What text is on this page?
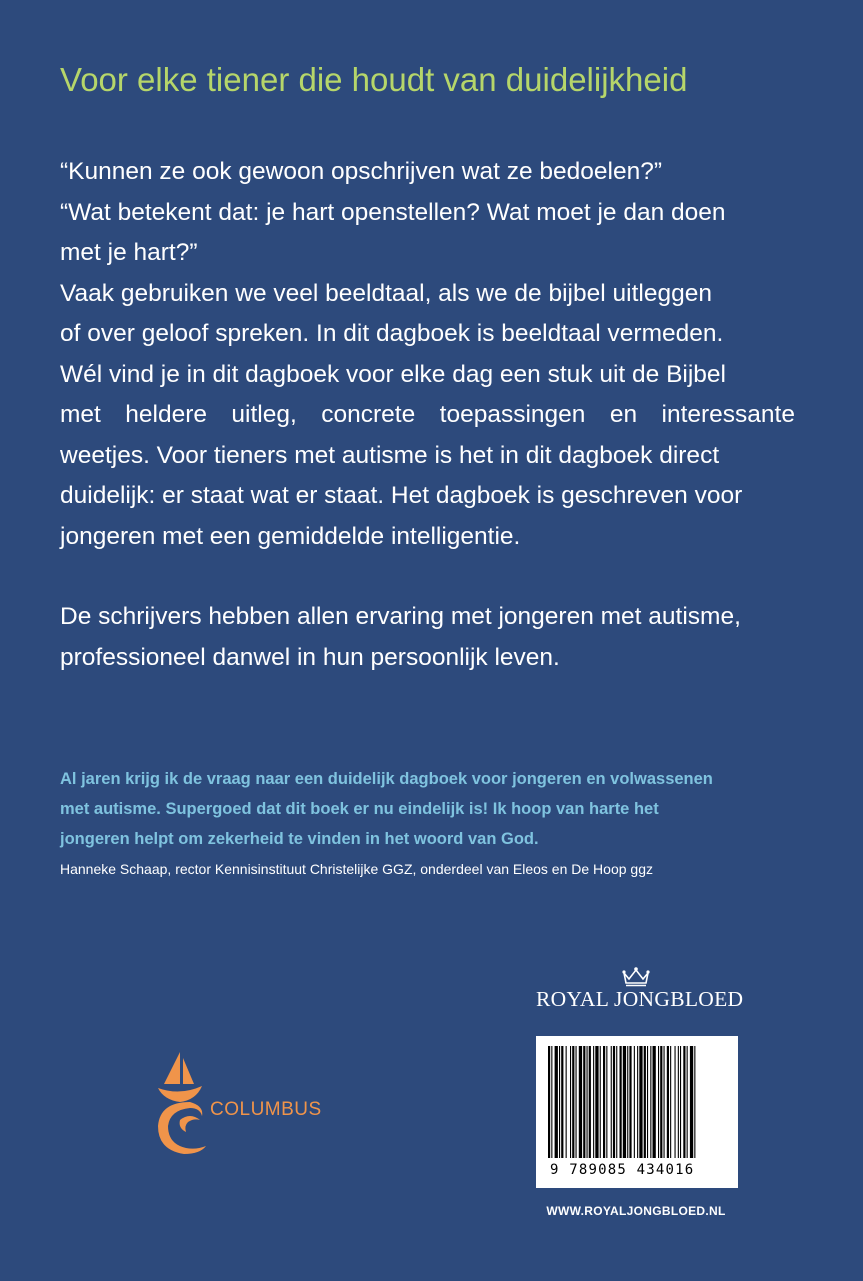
Voor elke tiener die houdt van duidelijkheid

“Kunnen ze ook gewoon opschrijven wat ze bedoelen?”
“Wat betekent dat: je hart openstellen? Wat moet je dan doen
met je hart?”

Vaak gebruiken we veel beeldtaal, als we de bijbel uitleggen
of over geloof spreken. In dit dagboek is beeldtaal vermeden.
Wél vind je in dit dagboek voor elke dag een stuk uit de Bijbel
met heldere uitleg, concrete toepassingen en interessante
weetjes. Voor tieners met autisme is het in dit dagboek direct
duidelijk: er staat wat er staat. Het dagboek is geschreven voor
jongeren met een gemiddelde intelligentie.

De schrijvers hebben allen ervaring met jongeren met autisme,
professioneel danwel in hun persoonlijk leven.

Al jaren krijg ik de vraag naar een duidelijk dagboek voor jongeren en volwassenen
met autisme. Supergoed dat dit boek er nu eindelijk is! Ik hoop van harte het
jongeren helpt om zekerheid te vinden in het woord van God.
Hanneke Schaap, rector Kennisinstituut Christelijke GGZ, onderdeel van Eleos en De Hoop ggz
COLUMBUS
ROYAL JONGBLOED
9 789085 434016
WWW.ROYALJONGBLOED.NL
